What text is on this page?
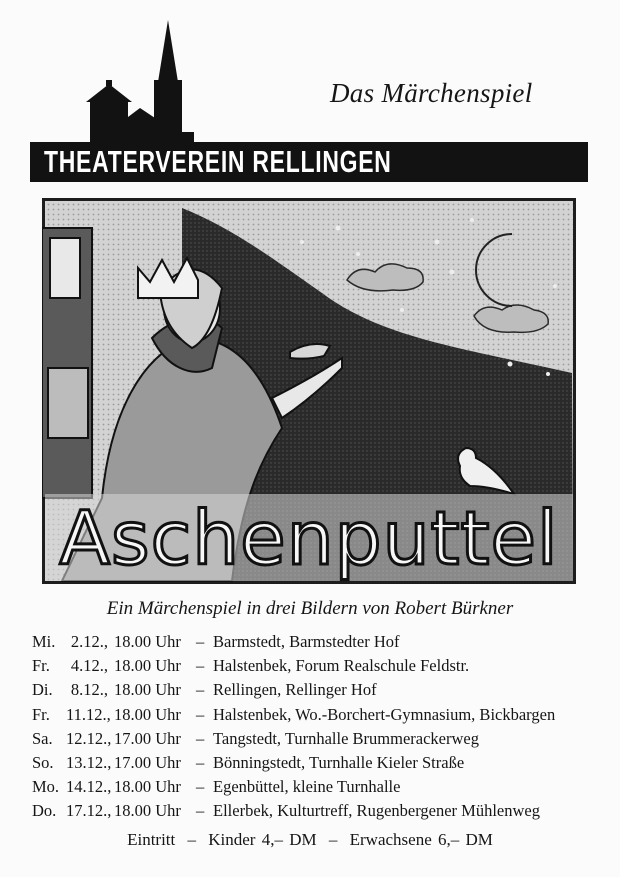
Das Märchenspiel
THEATERVEREIN RELLINGEN
Aschenputtel
Ein Märchenspiel in drei Bildern von Robert Bürkner
Mi. 2.12., 18.00 Uhr – Barmstedt, Barmstedter Hof
Fr. 4.12., 18.00 Uhr – Halstenbek, Forum Realschule Feldstr.
Di. 8.12., 18.00 Uhr – Rellingen, Rellinger Hof
Fr. 11.12., 18.00 Uhr – Halstenbek, Wo.-Borchert-Gymnasium, Bickbargen
Sa. 12.12., 17.00 Uhr – Tangstedt, Turnhalle Brummerackerweg
So. 13.12., 17.00 Uhr – Bönningstedt, Turnhalle Kieler Straße
Mo. 14.12., 18.00 Uhr – Egenbüttel, kleine Turnhalle
Do. 17.12., 18.00 Uhr – Ellerbek, Kulturtreff, Rugenbergener Mühlenweg
Eintritt – Kinder 4,– DM – Erwachsene 6,– DM
